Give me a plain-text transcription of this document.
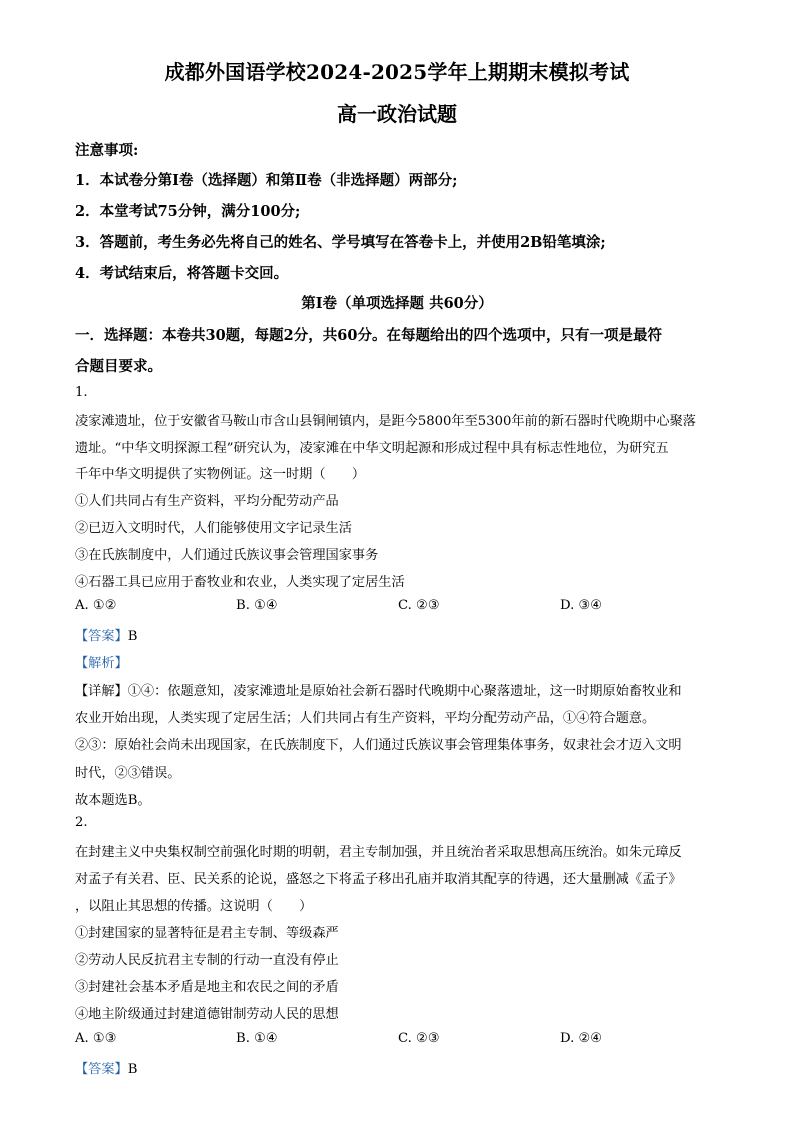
成都外国语学校2024-2025学年上期期末模拟考试
高一政治试题
注意事项:
1．本试卷分第Ⅰ卷（选择题）和第Ⅱ卷（非选择题）两部分;
2．本堂考试75分钟，满分100分;
3．答题前，考生务必先将自己的姓名、学号填写在答卷卡上，并使用2B铅笔填涂;
4．考试结束后，将答题卡交回。
第Ⅰ卷（单项选择题 共60分）
一．选择题：本卷共30题，每题2分，共60分。在每题给出的四个选项中，只有一项是最符
合题目要求。
1.
凌家滩遗址，位于安徽省马鞍山市含山县铜闸镇内，是距今5800年至5300年前的新石器时代晚期中心聚落
遗址。“中华文明探源工程”研究认为，凌家滩在中华文明起源和形成过程中具有标志性地位，为研究五
千年中华文明提供了实物例证。这一时期（　　）
①人们共同占有生产资料，平均分配劳动产品
②已迈入文明时代，人们能够使用文字记录生活
③在氏族制度中，人们通过氏族议事会管理国家事务
④石器工具已应用于畜牧业和农业，人类实现了定居生活
A. ①②	B. ①④	C. ②③	D. ③④
【答案】B
【解析】
【详解】①④：依题意知，凌家滩遗址是原始社会新石器时代晚期中心聚落遗址，这一时期原始畜牧业和
农业开始出现，人类实现了定居生活；人们共同占有生产资料，平均分配劳动产品，①④符合题意。
②③：原始社会尚未出现国家，在氏族制度下，人们通过氏族议事会管理集体事务，奴隶社会才迈入文明
时代，②③错误。
故本题选B。
2.
在封建主义中央集权制空前强化时期的明朝，君主专制加强，并且统治者采取思想高压统治。如朱元璋反
对孟子有关君、臣、民关系的论说，盛怒之下将孟子移出孔庙并取消其配享的待遇，还大量删减《孟子》
，以阻止其思想的传播。这说明（　　）
①封建国家的显著特征是君主专制、等级森严
②劳动人民反抗君主专制的行动一直没有停止
③封建社会基本矛盾是地主和农民之间的矛盾
④地主阶级通过封建道德钳制劳动人民的思想
A. ①③	B. ①④	C. ②③	D. ②④
【答案】B
